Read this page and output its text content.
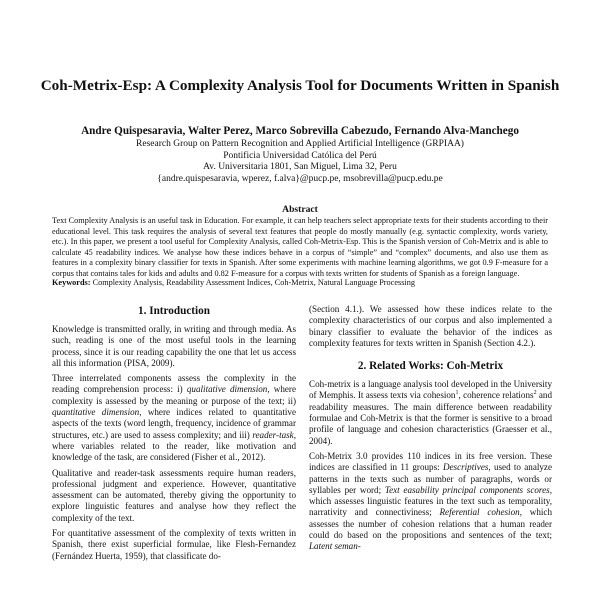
Coh-Metrix-Esp: A Complexity Analysis Tool for Documents Written in Spanish
Andre Quispesaravia, Walter Perez, Marco Sobrevilla Cabezudo, Fernando Alva-Manchego
Research Group on Pattern Recognition and Applied Artificial Intelligence (GRPIAA)
Pontificia Universidad Católica del Perú
Av. Universitaria 1801, San Miguel, Lima 32, Peru
{andre.quispesaravia, wperez, f.alva}@pucp.pe, msobrevilla@pucp.edu.pe
Abstract
Text Complexity Analysis is an useful task in Education. For example, it can help teachers select appropriate texts for their students according to their educational level. This task requires the analysis of several text features that people do mostly manually (e.g. syntactic complexity, words variety, etc.). In this paper, we present a tool useful for Complexity Analysis, called Coh-Metrix-Esp. This is the Spanish version of Coh-Metrix and is able to calculate 45 readability indices. We analyse how these indices behave in a corpus of “simple” and “complex” documents, and also use them as features in a complexity binary classifier for texts in Spanish. After some experiments with machine learning algorithms, we got 0.9 F-measure for a corpus that contains tales for kids and adults and 0.82 F-measure for a corpus with texts written for students of Spanish as a foreign language.
Keywords: Complexity Analysis, Readability Assessment Indices, Coh-Metrix, Natural Language Processing
1. Introduction

Knowledge is transmitted orally, in writing and through media. As such, reading is one of the most useful tools in the learning process, since it is our reading capability the one that let us access all this information (PISA, 2009).

Three interrelated components assess the complexity in the reading comprehension process: i) qualitative dimension, where complexity is assessed by the meaning or purpose of the text; ii) quantitative dimension, where indices related to quantitative aspects of the texts (word length, frequency, incidence of grammar structures, etc.) are used to assess complexity; and iii) reader-task, where variables related to the reader, like motivation and knowledge of the task, are considered (Fisher et al., 2012).

Qualitative and reader-task assessments require human readers, professional judgment and experience. However, quantitative assessment can be automated, thereby giving the opportunity to explore linguistic features and analyse how they reflect the complexity of the text.

For quantitative assessment of the complexity of texts written in Spanish, there exist superficial formulae, like Flesh-Fernandez (Fernández Huerta, 1959), that classificate do-

(Section 4.1.). We assessed how these indices relate to the complexity characteristics of our corpus and also implemented a binary classifier to evaluate the behavior of the indices as complexity features for texts written in Spanish (Section 4.2.).

2. Related Works: Coh-Metrix

Coh-metrix is a language analysis tool developed in the University of Memphis. It assess texts via cohesion$^1$, coherence relations$^2$ and readability measures. The main difference between readability formulae and Coh-Metrix is that the former is sensitive to a broad profile of language and cohesion characteristics (Graesser et al., 2004).

Coh-Metrix 3.0 provides 110 indices in its free version. These indices are classified in 11 groups: Descriptives, used to analyze patterns in the texts such as number of paragraphs, words or syllables per word; Text easability principal components scores, which assesses linguistic features in the text such as temporality, narrativity and connectiviness; Referential cohesion, which assesses the number of cohesion relations that a human reader could do based on the propositions and sentences of the text; Latent seman-
